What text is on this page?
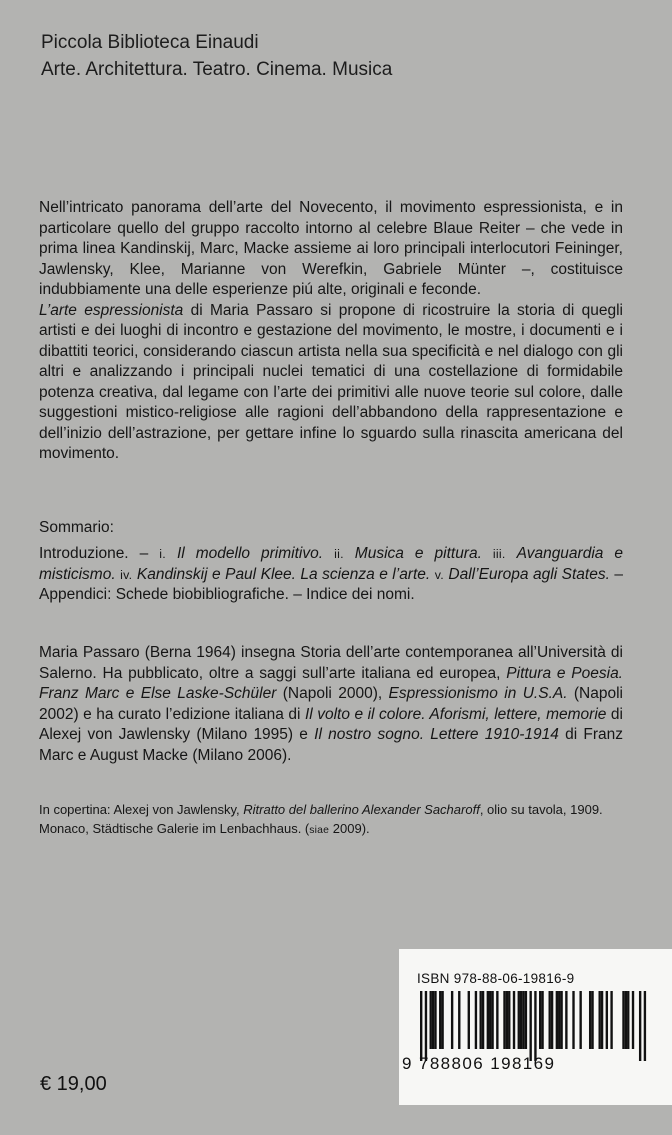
Piccola Biblioteca Einaudi
Arte. Architettura. Teatro. Cinema. Musica

Nell’intricato panorama dell’arte del Novecento, il movimento espressionista, e in particolare quello del gruppo raccolto intorno al celebre Blaue Reiter – che vede in prima linea Kandinskij, Marc, Macke assieme ai loro principali interlocutori Feininger, Jawlensky, Klee, Marianne von Werefkin, Gabriele Münter –, costituisce indubbiamente una delle esperienze piú alte, originali e feconde.

L’arte espressionista di Maria Passaro si propone di ricostruire la storia di quegli artisti e dei luoghi di incontro e gestazione del movimento, le mostre, i documenti e i dibattiti teorici, considerando ciascun artista nella sua specificità e nel dialogo con gli altri e analizzando i principali nuclei tematici di una costellazione di formidabile potenza creativa, dal legame con l’arte dei primitivi alle nuove teorie sul colore, dalle suggestioni mistico-religiose alle ragioni dell’abbandono della rappresentazione e dell’inizio dell’astrazione, per gettare infine lo sguardo sulla rinascita americana del movimento.

Sommario:
Introduzione. – i. Il modello primitivo. ii. Musica e pittura. iii. Avanguardia e misticismo. iv. Kandinskij e Paul Klee. La scienza e l’arte. v. Dall’Europa agli States. – Appendici: Schede biobibliografiche. – Indice dei nomi.
Maria Passaro (Berna 1964) insegna Storia dell’arte contemporanea all’Università di Salerno. Ha pubblicato, oltre a saggi sull’arte italiana ed europea, Pittura e Poesia. Franz Marc e Else Laske-Schüler (Napoli 2000), Espressionismo in U.S.A. (Napoli 2002) e ha curato l’edizione italiana di Il volto e il colore. Aforismi, lettere, memorie di Alexej von Jawlensky (Milano 1995) e Il nostro sogno. Lettere 1910-1914 di Franz Marc e August Macke (Milano 2006).
In copertina: Alexej von Jawlensky, Ritratto del ballerino Alexander Sacharoff, olio su tavola, 1909. Monaco, Städtische Galerie im Lenbachhaus. (siae 2009).
ISBN 978-88-06-19816-9
9 788806 198169
€ 19,00
